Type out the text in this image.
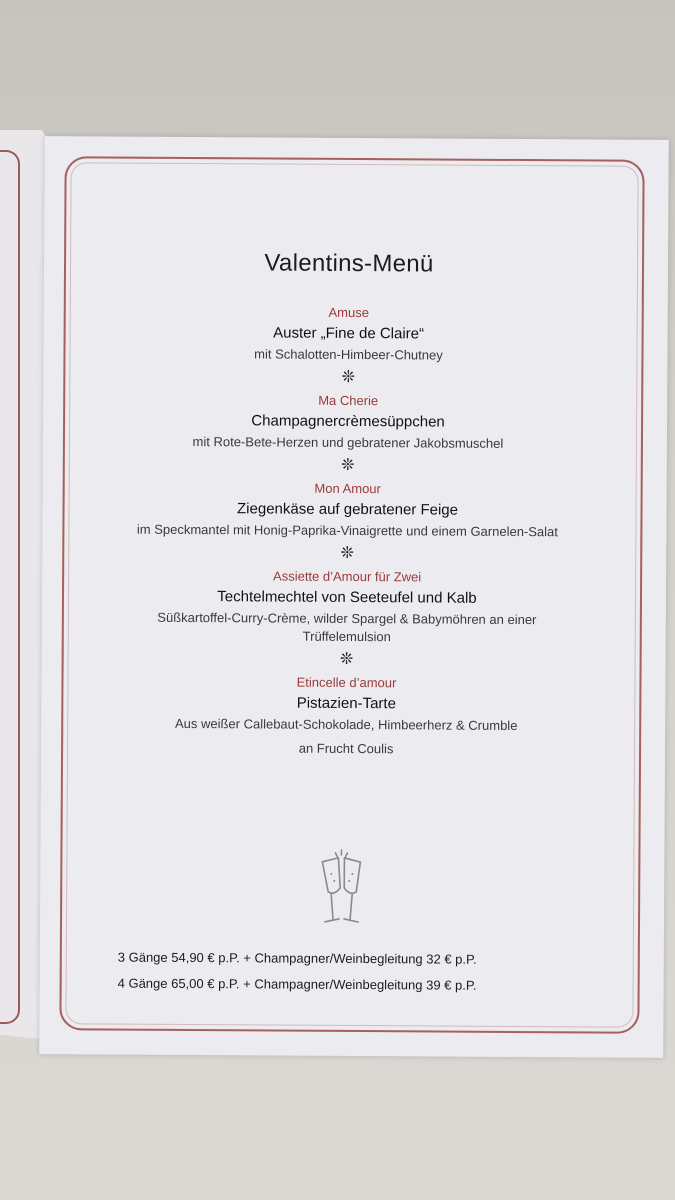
Valentins-Menü
Amuse
Auster „Fine de Claire“
mit Schalotten-Himbeer-Chutney
❊
Ma Cherie
Champagnercrèmesüppchen
mit Rote-Bete-Herzen und gebratener Jakobsmuschel
❊
Mon Amour
Ziegenkäse auf gebratener Feige
im Speckmantel mit Honig-Paprika-Vinaigrette und einem Garnelen-Salat
❊
Assiette d’Amour für Zwei
Techtelmechtel von Seeteufel und Kalb
Süßkartoffel-Curry-Crème, wilder Spargel & Babymöhren an einer Trüffelemulsion
❊
Etincelle d’amour
Pistazien-Tarte
Aus weißer Callebaut-Schokolade, Himbeerherz & Crumble
an Frucht Coulis
3 Gänge 54,90 € p.P. + Champagner/Weinbegleitung 32 € p.P.
4 Gänge 65,00 € p.P. + Champagner/Weinbegleitung 39 € p.P.
